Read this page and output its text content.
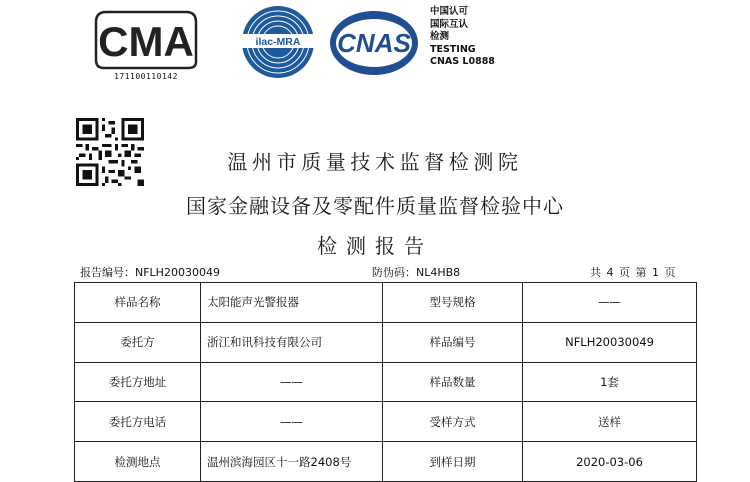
CMA
171100110142
ilac-MRA CNAS
中国认可
国际互认
检测
TESTING
CNAS L0888
温州市质量技术监督检测院
国家金融设备及零配件质量监督检验中心
检测报告
报告编号：NFLH20030049	防伪码：NL4HB8	共 4 页 第 1 页
样品名称	太阳能声光警报器	型号规格	——
委托方	浙江和讯科技有限公司	样品编号	NFLH20030049
委托方地址	——	样品数量	1套
委托方电话	——	受样方式	送样
检测地点	温州滨海园区十一路2408号	到样日期	2020-03-06
